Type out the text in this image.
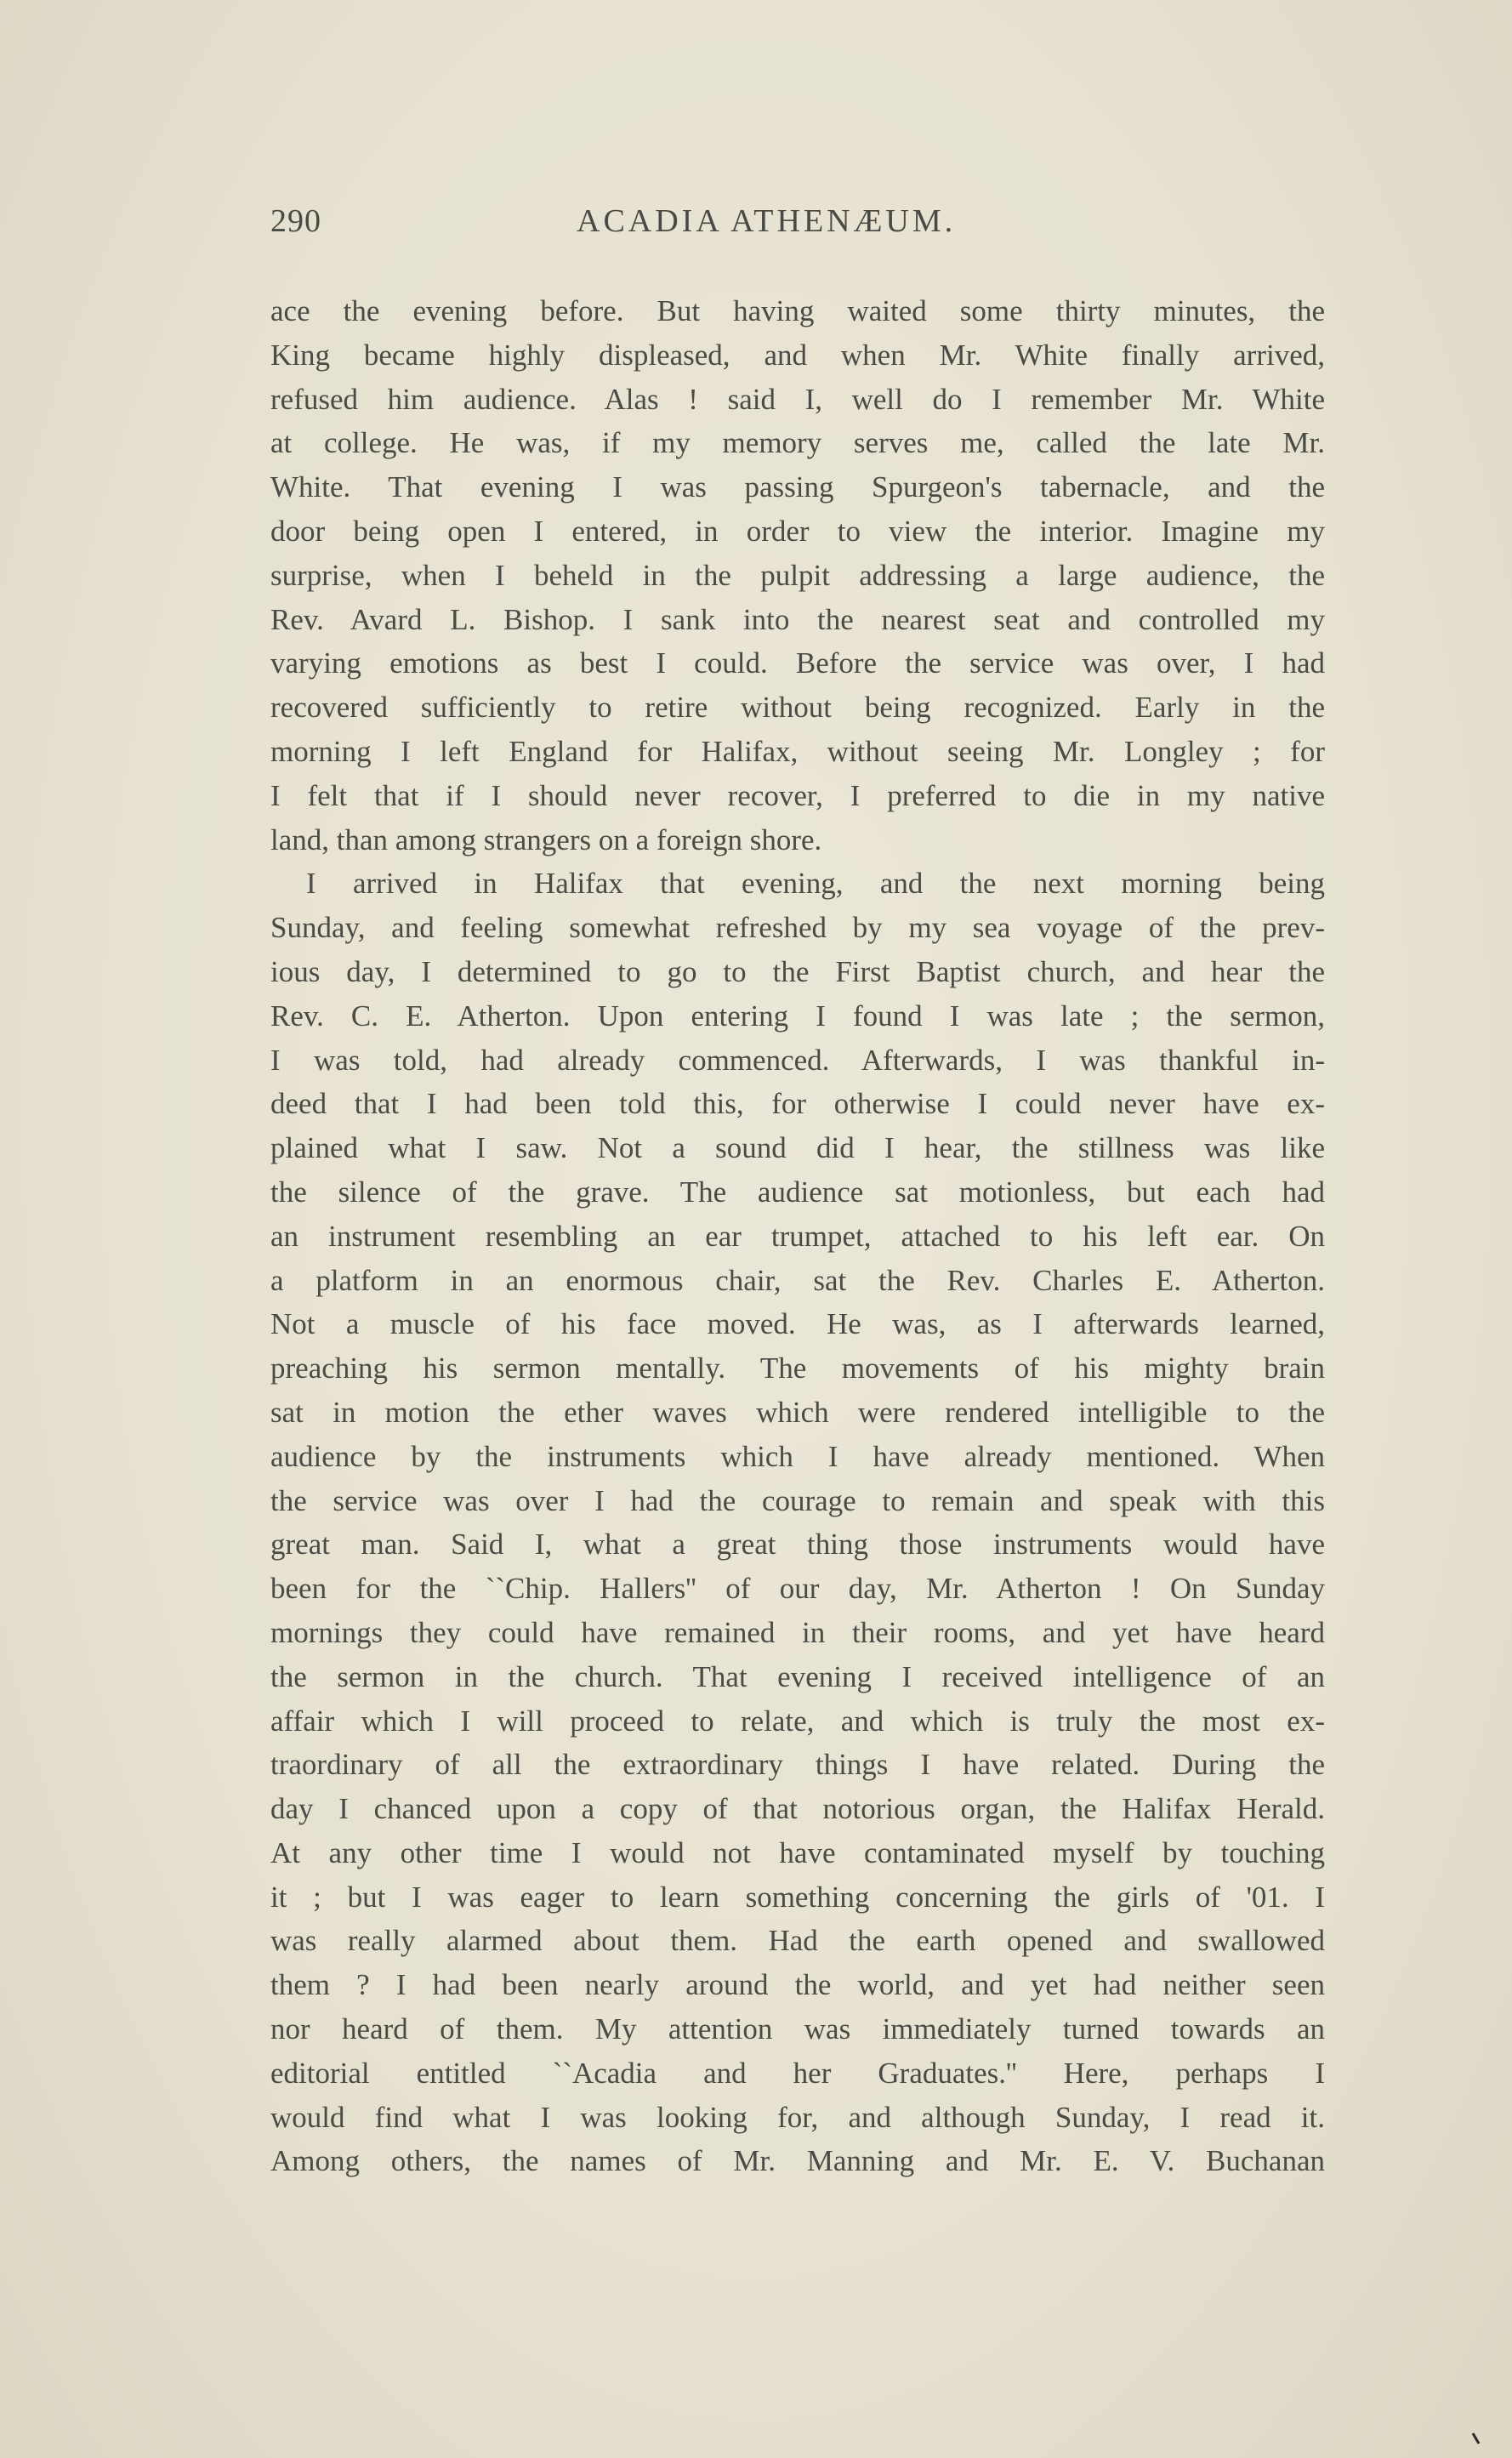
290	ACADIA ATHENÆUM.
ace the evening before. But having waited some thirty minutes, the
King became highly displeased, and when Mr. White finally arrived,
refused him audience. Alas ! said I, well do I remember Mr. White
at college. He was, if my memory serves me, called the late Mr.
White. That evening I was passing Spurgeon's tabernacle, and the
door being open I entered, in order to view the interior. Imagine my
surprise, when I beheld in the pulpit addressing a large audience, the
Rev. Avard L. Bishop. I sank into the nearest seat and controlled my
varying emotions as best I could. Before the service was over, I had
recovered sufficiently to retire without being recognized. Early in the
morning I left England for Halifax, without seeing Mr. Longley ; for
I felt that if I should never recover, I preferred to die in my native
land, than among strangers on a foreign shore.
I arrived in Halifax that evening, and the next morning being
Sunday, and feeling somewhat refreshed by my sea voyage of the prev-
ious day, I determined to go to the First Baptist church, and hear the
Rev. C. E. Atherton. Upon entering I found I was late ; the sermon,
I was told, had already commenced. Afterwards, I was thankful in-
deed that I had been told this, for otherwise I could never have ex-
plained what I saw. Not a sound did I hear, the stillness was like
the silence of the grave. The audience sat motionless, but each had
an instrument resembling an ear trumpet, attached to his left ear. On
a platform in an enormous chair, sat the Rev. Charles E. Atherton.
Not a muscle of his face moved. He was, as I afterwards learned,
preaching his sermon mentally. The movements of his mighty brain
sat in motion the ether waves which were rendered intelligible to the
audience by the instruments which I have already mentioned. When
the service was over I had the courage to remain and speak with this
great man. Said I, what a great thing those instruments would have
been for the ``Chip. Hallers'' of our day, Mr. Atherton ! On Sunday
mornings they could have remained in their rooms, and yet have heard
the sermon in the church. That evening I received intelligence of an
affair which I will proceed to relate, and which is truly the most ex-
traordinary of all the extraordinary things I have related. During the
day I chanced upon a copy of that notorious organ, the Halifax Herald.
At any other time I would not have contaminated myself by touching
it ; but I was eager to learn something concerning the girls of '01. I
was really alarmed about them. Had the earth opened and swallowed
them ? I had been nearly around the world, and yet had neither seen
nor heard of them. My attention was immediately turned towards an
editorial entitled ``Acadia and her Graduates.'' Here, perhaps I
would find what I was looking for, and although Sunday, I read it.
Among others, the names of Mr. Manning and Mr. E. V. Buchanan
